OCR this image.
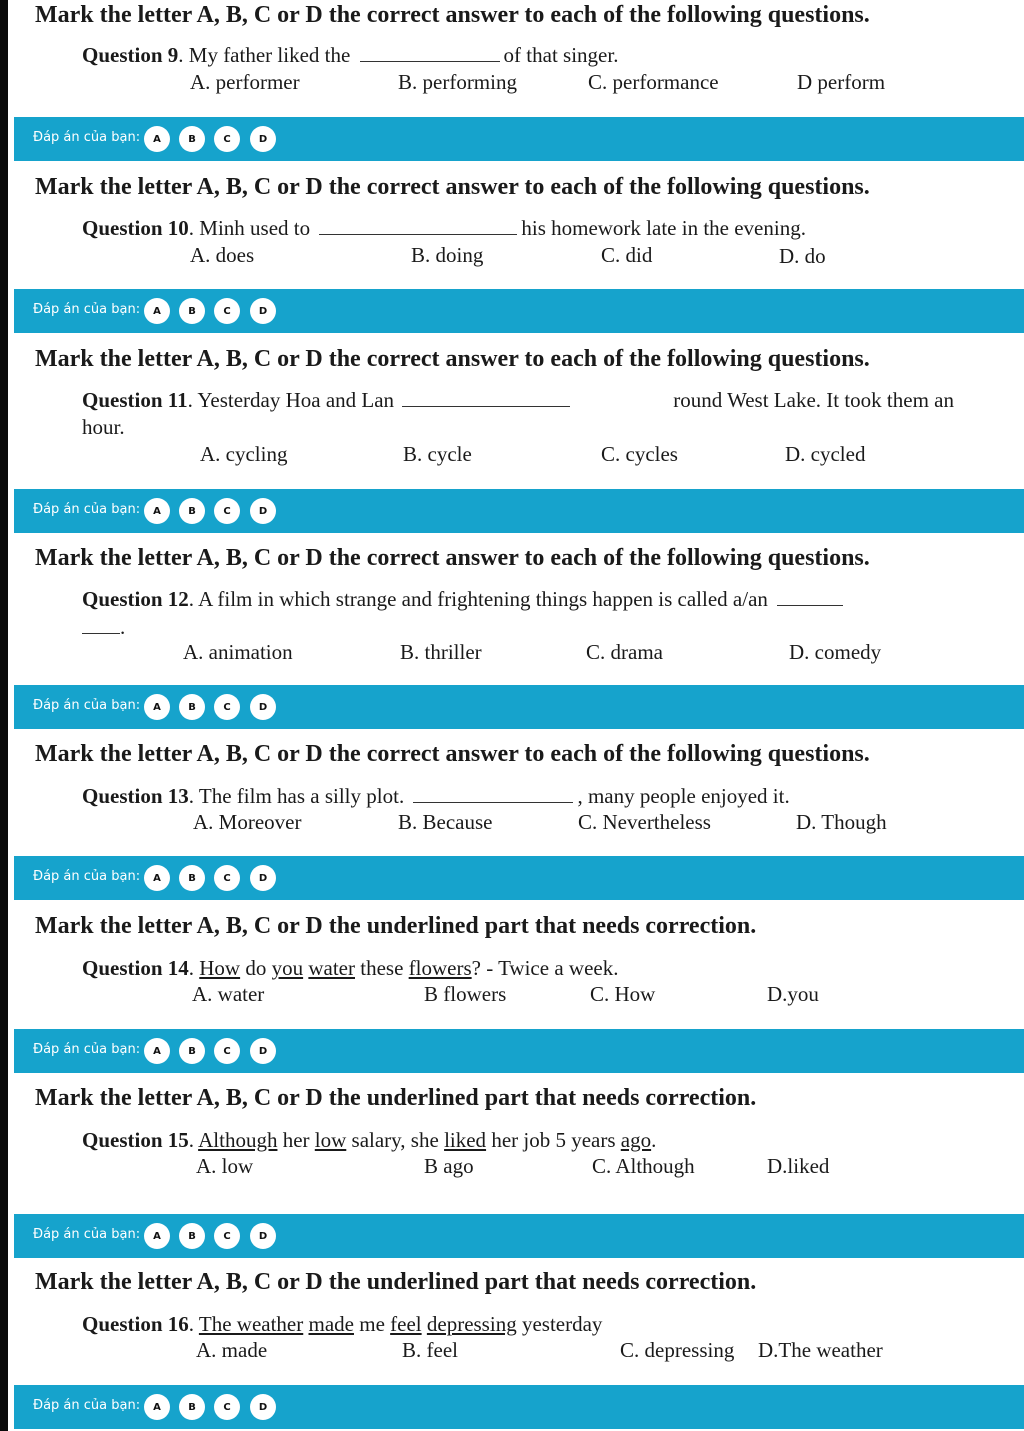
Mark the letter A, B, C or D the correct answer to each of the following questions.
Question 9. My father liked the	of that singer.
A. performer	B. performing	C. performance	D perform
Đáp án của bạn:	A	B	C	D
Mark the letter A, B, C or D the correct answer to each of the following questions.
Question 10. Minh used to	his homework late in the evening.
A. does	B. doing	C. did	D. do
Đáp án của bạn:	A	B	C	D
Mark the letter A, B, C or D the correct answer to each of the following questions.
Question 11. Yesterday Hoa and Lan	round West Lake. It took them an
hour.
A. cycling	B. cycle	C. cycles	D. cycled
Đáp án của bạn:	A	B	C	D
Mark the letter A, B, C or D the correct answer to each of the following questions.
Question 12. A film in which strange and frightening things happen is called a/an
.
A. animation	B. thriller	C. drama	D. comedy
Đáp án của bạn:	A	B	C	D
Mark the letter A, B, C or D the correct answer to each of the following questions.
Question 13. The film has a silly plot.	, many people enjoyed it.
A. Moreover	B. Because	C. Nevertheless	D. Though
Đáp án của bạn:	A	B	C	D
Mark the letter A, B, C or D the underlined part that needs correction.
Question 14. How do you water these flowers? - Twice a week.
A. water	B flowers	C. How	D.you
Đáp án của bạn:	A	B	C	D
Mark the letter A, B, C or D the underlined part that needs correction.
Question 15. Although her low salary, she liked her job 5 years ago.
A. low	B ago	C. Although	D.liked
Đáp án của bạn:	A	B	C	D
Mark the letter A, B, C or D the underlined part that needs correction.
Question 16. The weather made me feel depressing yesterday
A. made	B. feel	C. depressing D.The weather
Đáp án của bạn:	A	B	C	D
